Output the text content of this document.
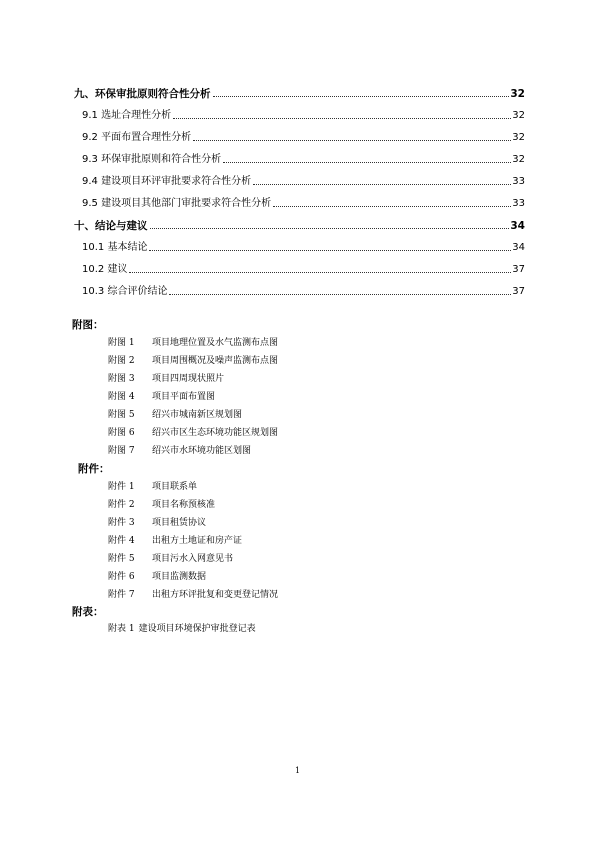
九、环保审批原则符合性分析	32
9.1 选址合理性分析	32
9.2 平面布置合理性分析	32
9.3 环保审批原则和符合性分析	32
9.4 建设项目环评审批要求符合性分析	33
9.5 建设项目其他部门审批要求符合性分析	33
十、结论与建议	34
10.1 基本结论	34
10.2 建议	37
10.3 综合评价结论	37
附图：
附图 1	项目地理位置及水气监测布点图
附图 2	项目周围概况及噪声监测布点图
附图 3	项目四周现状照片
附图 4	项目平面布置图
附图 5	绍兴市城南新区规划图
附图 6	绍兴市区生态环境功能区规划图
附图 7	绍兴市水环境功能区划图
附件：
附件 1	项目联系单
附件 2	项目名称预核准
附件 3	项目租赁协议
附件 4	出租方土地证和房产证
附件 5	项目污水入网意见书
附件 6	项目监测数据
附件 7	出租方环评批复和变更登记情况
附表：
附表 1 建设项目环境保护审批登记表
1
